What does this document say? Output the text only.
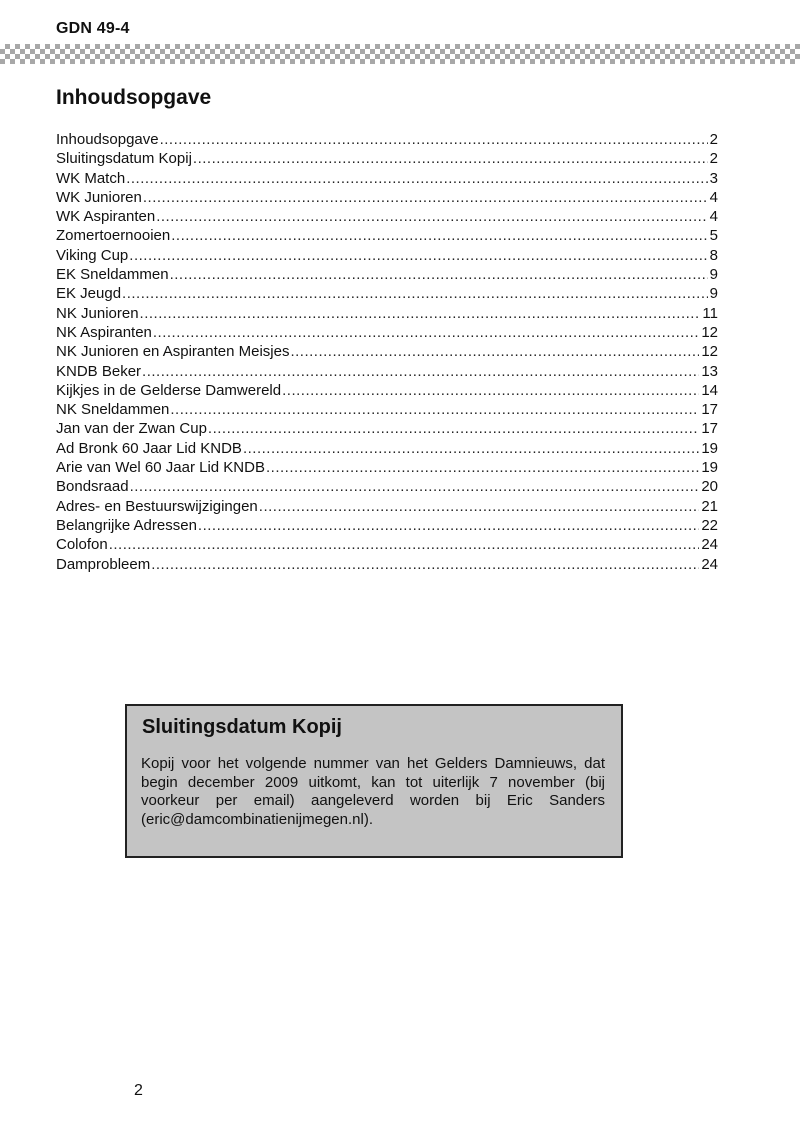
GDN 49-4
Inhoudsopgave
Inhoudsopgave .....	2
Sluitingsdatum Kopij .....	2
WK Match .....	3
WK Junioren .....	4
WK Aspiranten .....	4
Zomertoernooien .....	5
Viking Cup .....	8
EK Sneldammen .....	9
EK Jeugd .....	9
NK Junioren .....	11
NK Aspiranten .....	12
NK Junioren en Aspiranten Meisjes .....	12
KNDB Beker .....	13
Kijkjes in de Gelderse Damwereld .....	14
NK Sneldammen .....	17
Jan van der Zwan Cup .....	17
Ad Bronk 60 Jaar Lid KNDB .....	19
Arie van Wel 60 Jaar Lid KNDB .....	19
Bondsraad .....	20
Adres- en Bestuurswijzigingen .....	21
Belangrijke Adressen .....	22
Colofon .....	24
Damprobleem .....	24
Sluitingsdatum Kopij

Kopij voor het volgende nummer van het Gelders Damnieuws, dat begin december 2009 uitkomt, kan tot uiterlijk 7 november (bij voorkeur per email) aangeleverd worden bij Eric Sanders (eric@damcombinatienijmegen.nl).

2
